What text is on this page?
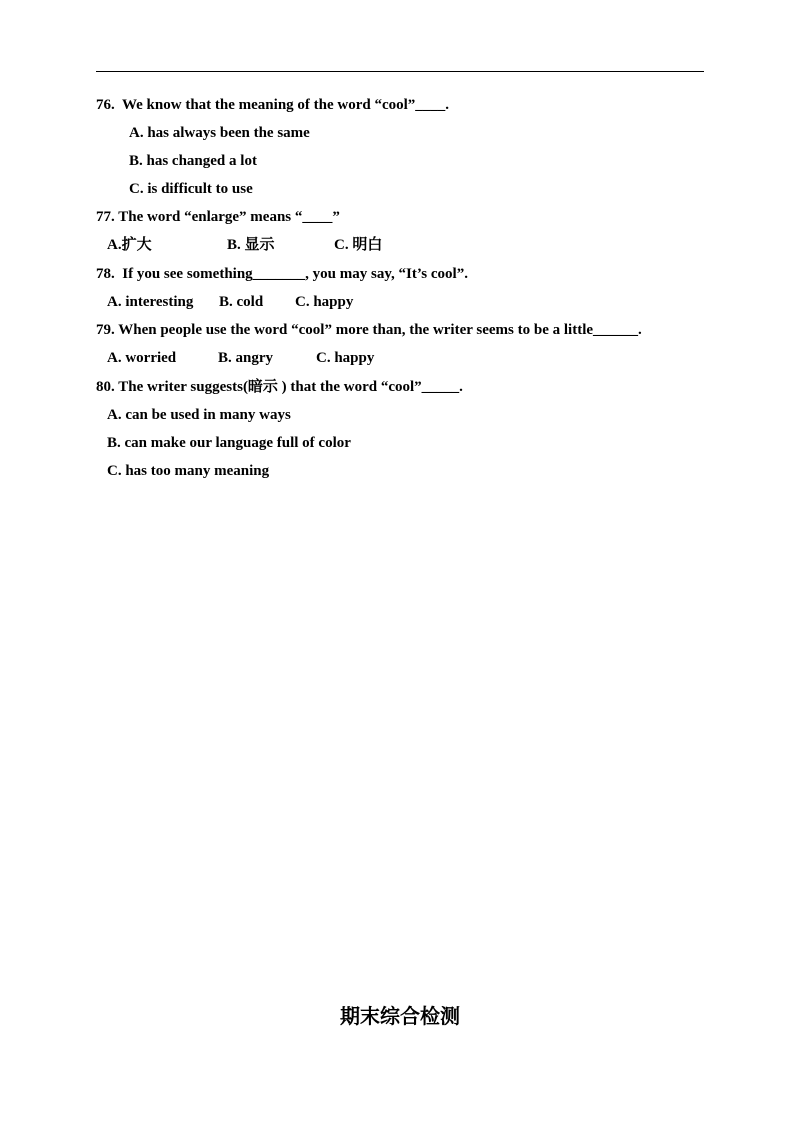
76.  We know that the meaning of the word “cool”____.
A. has always been the same
B. has changed a lot
C. is difficult to use
77. The word “enlarge” means “____”

A.扩大

	B. 显示

	C. 明白

78.  If you see something_______, you may say, “It’s cool”.

A. interesting

B. cold

C. happy

79. When people use the word “cool” more than, the writer seems to be a little______.

A. worried

	B. angry

	C. happy

80. The writer suggests(暗示 ) that the word “cool”_____.
A. can be used in many ways
B. can make our language full of color
C. has too many meaning
期末综合检测
